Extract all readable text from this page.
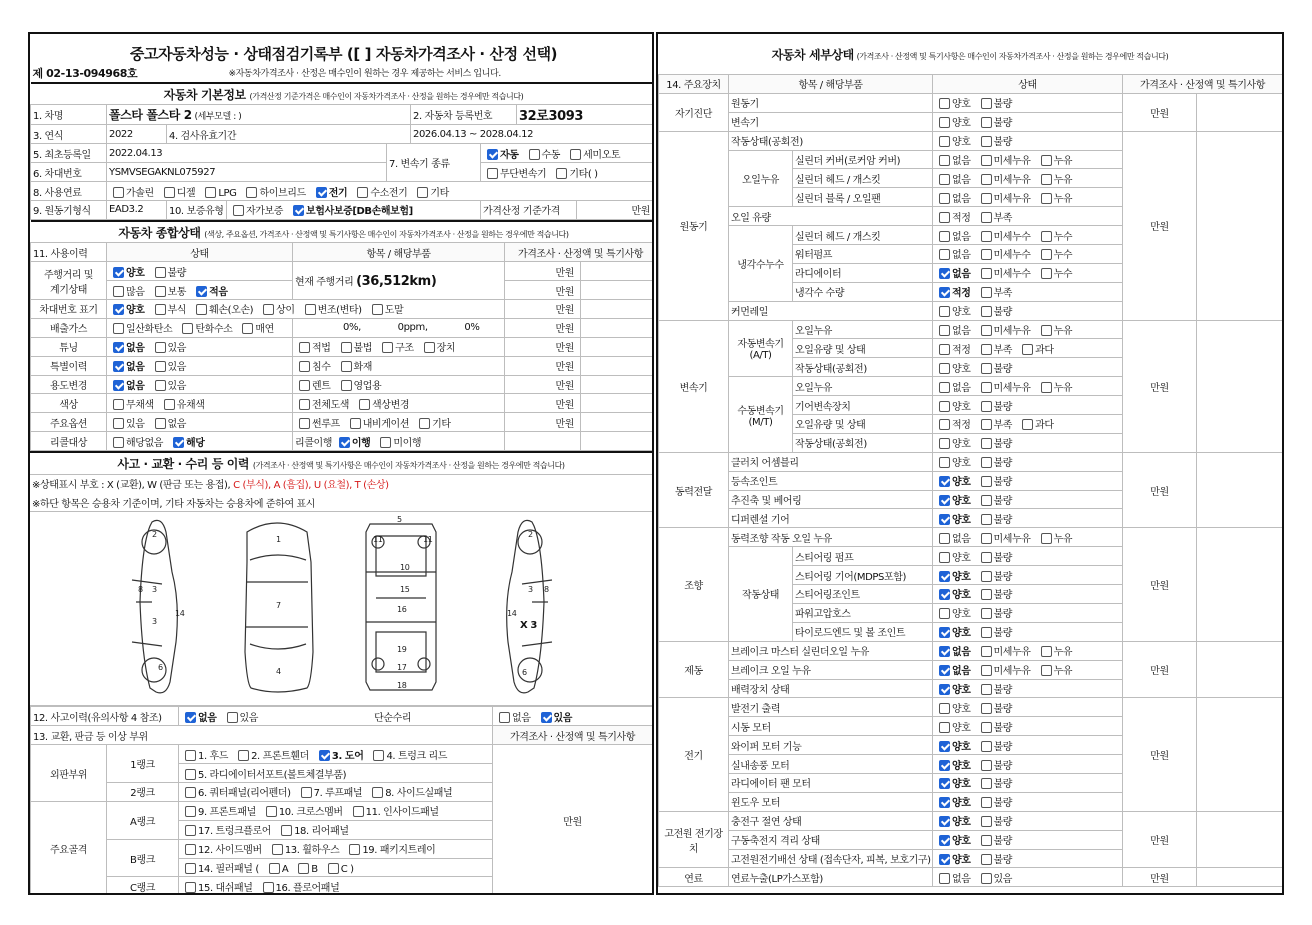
중고자동차성능 · 상태점검기록부 ([ ] 자동차가격조사 · 산정 선택)								
제 02-13-094968호			※자동차가격조사 · 산정은 매수인이 원하는 경우 제공하는 서비스 입니다.					
자동차 기본정보 (가격산정 기준가격은 매수인이 자동차가격조사 · 산정을 원하는 경우에만 적습니다)								
1. 차명	폴스타 폴스타 2 (세부모델 : )				2. 자동차 등록번호		32로3093	
3. 연식	2022	4. 검사유효기간			2026.04.13 ~ 2028.04.12			
5. 최초등록일	2022.04.13			7. 변속기 종류		자동 수동 세미오토		
6. 차대번호	YSMVSEGAKNL075927					무단변속기 기타( )		
8. 사용연료	가솔린 디젤 LPG 하이브리드 전기 수소전기 기타							
9. 원동기형식	EAD3.2	10. 보증유형	자가보증 보험사보증[DB손해보험]			가격산정 기준가격		만원
자동차 종합상태 (색상, 주요옵션, 가격조사 · 산정액 및 특기사항은 매수인이 자동차가격조사 · 산정을 원하는 경우에만 적습니다)				
11. 사용이력	상태	항목 / 해당부품	가격조사 · 산정액 및 특기사항	

주행거리 및
계기상태	양호 불량	현재 주행거리 (36,512km)	만원	
	많음 보통 적음		만원	
차대번호 표기	양호 부식 훼손(오손) 상이 변조(변타) 도말		만원	
배출가스	일산화탄소 탄화수소 매연	0%, 0ppm, 0%	만원	
튜닝	없음 있음	적법 불법 구조 장치	만원	
특별이력	없음 있음	침수 화재	만원	
용도변경	없음 있음	렌트 영업용	만원	
색상	무채색 유채색	전체도색 색상변경	만원	
주요옵션	있음 없음	썬루프 내비게이션 기타	만원	
리콜대상	해당없음 해당	리콜이행 이행 미이행		
사고 · 교환 · 수리 등 이력 (가격조사 · 산정액 및 특기사항은 매수인이 자동차가격조사 · 산정을 원하는 경우에만 적습니다)
※상태표시 부호 : X (교환), W (판금 또는 용접), C (부식), A (흠집), U (요철), T (손상)
※하단 항목은 승용차 기준이며, 기타 자동차는 승용차에 준하여 표시

2
3
8
3
14
6
1
7
4
5
11	11
10
15
16
19
17
18
2
3 8
14
6
X 3
12. 사고이력(유의사항 4 참조)		없음 있음 단순수리	없음 있음
13. 교환, 판금 등 이상 부위			가격조사 · 산정액 및 특기사항
외판부위	1랭크	1. 후드 2. 프론트휀더 3. 도어 4. 트렁크 리드	만원
		5. 라디에이터서포트(볼트체결부품)	
	2랭크	6. 쿼터패널(리어펜더) 7. 루프패널 8. 사이드실패널	
주요골격	A랭크	9. 프론트패널 10. 크로스멤버 11. 인사이드패널	
		17. 트렁크플로어 18. 리어패널	
	B랭크	12. 사이드멤버 13. 휠하우스 19. 패키지트레이	
		14. 필러패널 ( A B C )	
	C랭크	15. 대쉬패널 16. 플로어패널	
자동차 세부상태 (가격조사 · 산정액 및 특기사항은 매수인이 자동차가격조사 · 산정을 원하는 경우에만 적습니다)
14. 주요장치	항목 / 해당부품		상태	가격조사 · 산정액 및 특기사항	
자기진단	원동기		양호 불량	만원	
	변속기		양호 불량		
원동기	작동상태(공회전)		양호 불량	만원	
	오일누유	실린더 커버(로커암 커버)	없음 미세누유 누유		
		실린더 헤드 / 개스킷	없음 미세누유 누유		
		실린더 블록 / 오일팬	없음 미세누유 누유		
	오일 유량		적정 부족		
	냉각수누수	실린더 헤드 / 개스킷	없음 미세누수 누수		
		워터펌프	없음 미세누수 누수		
		라디에이터	없음 미세누수 누수		
		냉각수 수량	적정 부족		
	커먼레일		양호 불량		
변속기	자동변속기 (A/T)	오일누유	없음 미세누유 누유	만원	
		오일유량 및 상태	적정 부족 과다		
		작동상태(공회전)	양호 불량		
	수동변속기 (M/T)	오일누유	없음 미세누유 누유		
		기어변속장치	양호 불량		
		오일유량 및 상태	적정 부족 과다		
		작동상태(공회전)	양호 불량		
동력전달	클러치 어셈블리		양호 불량	만원	
	등속조인트		양호 불량		
	추진축 및 베어링		양호 불량		
	디퍼렌셜 기어		양호 불량		
조향	동력조향 작동 오일 누유		없음 미세누유 누유	만원	
	작동상태	스티어링 펌프	양호 불량		
		스티어링 기어(MDPS포함)	양호 불량		
		스티어링조인트	양호 불량		
		파워고압호스	양호 불량		
		타이로드엔드 및 볼 조인트	양호 불량		
제동	브레이크 마스터 실린더오일 누유		없음 미세누유 누유	만원	
	브레이크 오일 누유		없음 미세누유 누유		
	배력장치 상태		양호 불량		
전기	발전기 출력		양호 불량	만원	
	시동 모터		양호 불량		
	와이퍼 모터 기능		양호 불량		
	실내송풍 모터		양호 불량		
	라디에이터 팬 모터		양호 불량		
	윈도우 모터		양호 불량		
고전원 전기장치	충전구 절연 상태		양호 불량	만원	
	구동축전지 격리 상태		양호 불량		
	고전원전기배선 상태 (접속단자, 피복, 보호기구)		양호 불량		
연료	연료누출(LP가스포함)		없음 있음	만원	
